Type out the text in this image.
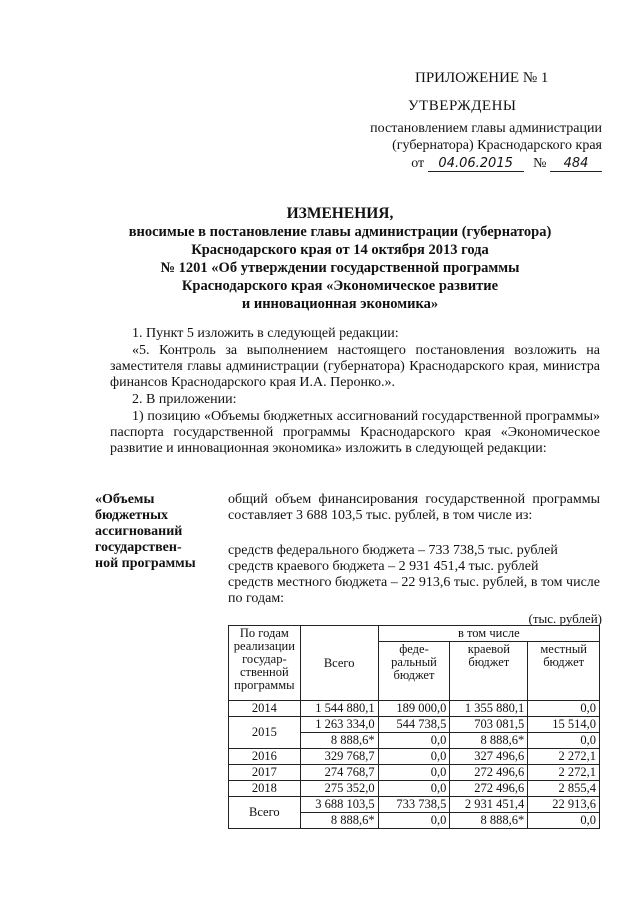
ПРИЛОЖЕНИЕ № 1
УТВЕРЖДЕНЫ
постановлением главы администрации
(губернатора) Краснодарского края
от 04.06.2015 № 484
ИЗМЕНЕНИЯ,
вносимые в постановление главы администрации (губернатора)
Краснодарского края от 14 октября 2013 года
№ 1201 «Об утверждении государственной программы
Краснодарского края «Экономическое развитие
и инновационная экономика»
1. Пункт 5 изложить в следующей редакции:
«5. Контроль за выполнением настоящего постановления возложить на заместителя главы администрации (губернатора) Краснодарского края, министра финансов Краснодарского края И.А. Перонко.».
2. В приложении:
1) позицию «Объемы бюджетных ассигнований государственной программы» паспорта государственной программы Краснодарского края «Экономическое развитие и инновационная экономика» изложить в следующей редакции:
«Объемы
бюджетных
ассигнований
государствен-
ной программы
общий объем финансирования государственной программы составляет 3 688 103,5 тыс. рублей, в том числе из:
средств федерального бюджета – 733 738,5 тыс. рублей
средств краевого бюджета – 2 931 451,4 тыс. рублей
средств местного бюджета – 22 913,6 тыс. рублей, в том числе по годам:
(тыс. рублей)
По годам реализации государ-ственной программы	Всего	в том числе		
		феде-ральный бюджет	краевой бюджет	местный бюджет
2014	1 544 880,1	189 000,0	1 355 880,1	0,0
2015	1 263 334,0	544 738,5	703 081,5	15 514,0
	8 888,6*	0,0	8 888,6*	0,0
2016	329 768,7	0,0	327 496,6	2 272,1
2017	274 768,7	0,0	272 496,6	2 272,1
2018	275 352,0	0,0	272 496,6	2 855,4
Всего	3 688 103,5	733 738,5	2 931 451,4	22 913,6
	8 888,6*	0,0	8 888,6*	0,0
